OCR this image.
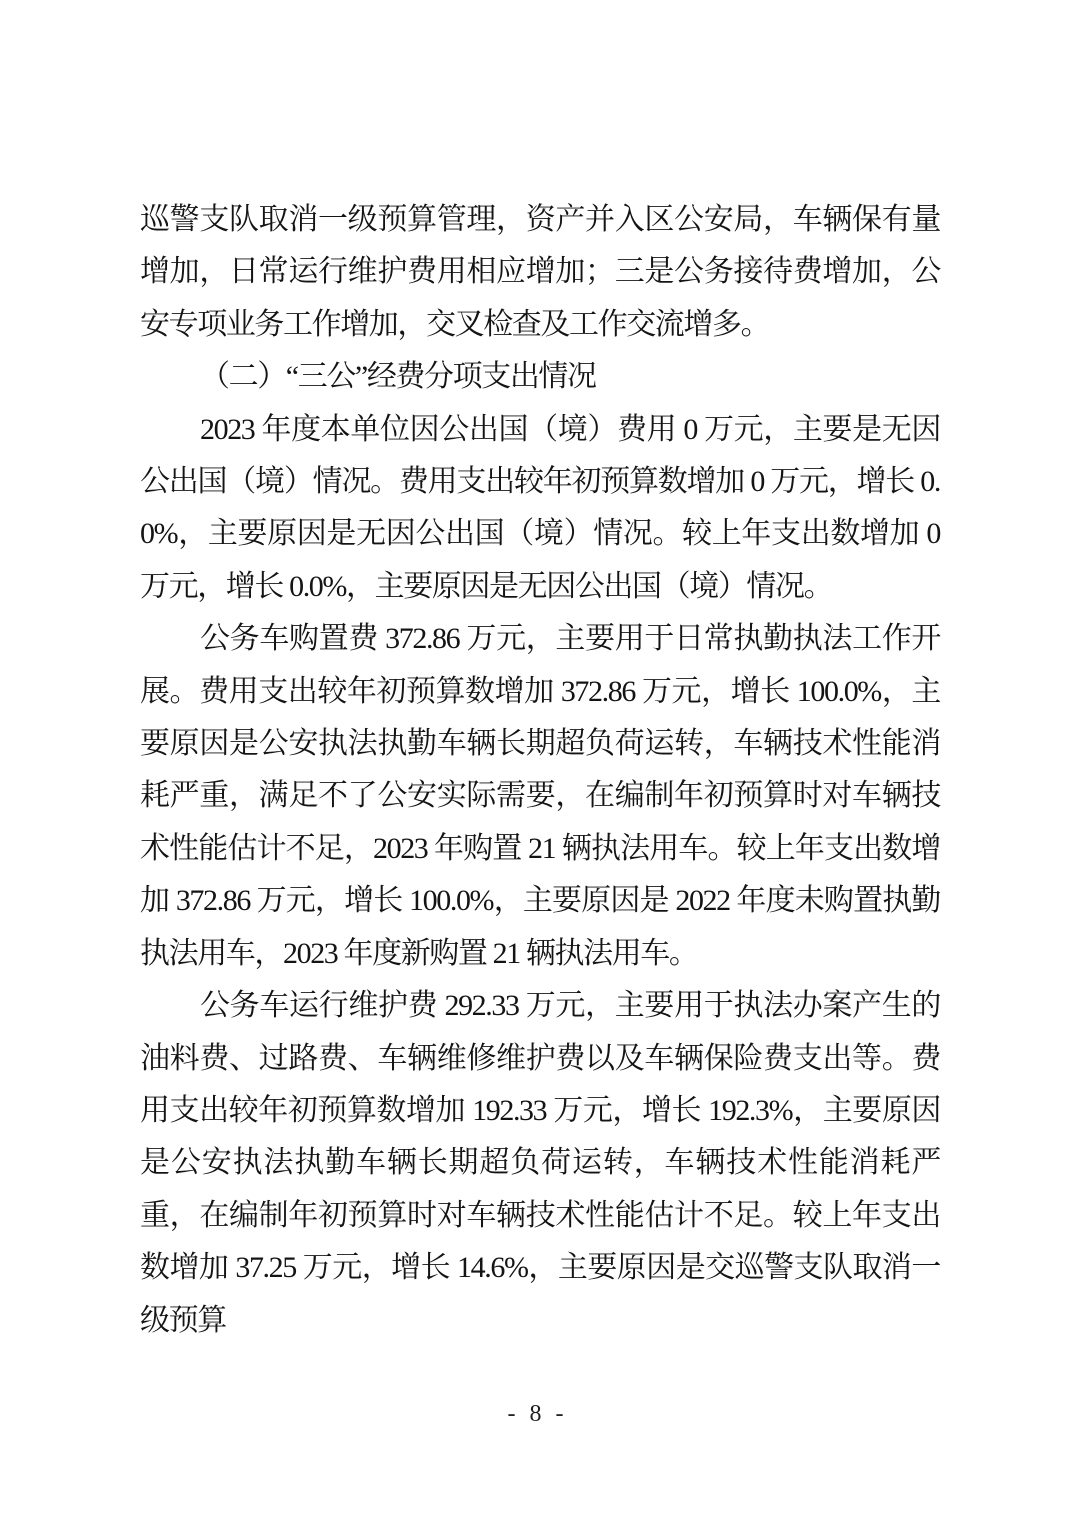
巡警支队取消一级预算管理，资产并入区公安局，车辆保有量增加，日常运行维护费用相应增加；三是公务接待费增加，公安专项业务工作增加，交叉检查及工作交流增多。

（二）“三公”经费分项支出情况

2023 年度本单位因公出国（境）费用 0 万元，主要是无因公出国（境）情况。费用支出较年初预算数增加 0 万元，增长 0.0%，主要原因是无因公出国（境）情况。较上年支出数增加 0 万元，增长 0.0%，主要原因是无因公出国（境）情况。

公务车购置费 372.86 万元，主要用于日常执勤执法工作开展。费用支出较年初预算数增加 372.86 万元，增长 100.0%，主要原因是公安执法执勤车辆长期超负荷运转，车辆技术性能消耗严重，满足不了公安实际需要，在编制年初预算时对车辆技术性能估计不足，2023 年购置 21 辆执法用车。较上年支出数增加 372.86 万元，增长 100.0%，主要原因是 2022 年度未购置执勤执法用车，2023 年度新购置 21 辆执法用车。

公务车运行维护费 292.33 万元，主要用于执法办案产生的油料费、过路费、车辆维修维护费以及车辆保险费支出等。费用支出较年初预算数增加 192.33 万元，增长 192.3%，主要原因是公安执法执勤车辆长期超负荷运转，车辆技术性能消耗严重，在编制年初预算时对车辆技术性能估计不足。较上年支出数增加 37.25 万元，增长 14.6%，主要原因是交巡警支队取消一级预算

- 8 -
